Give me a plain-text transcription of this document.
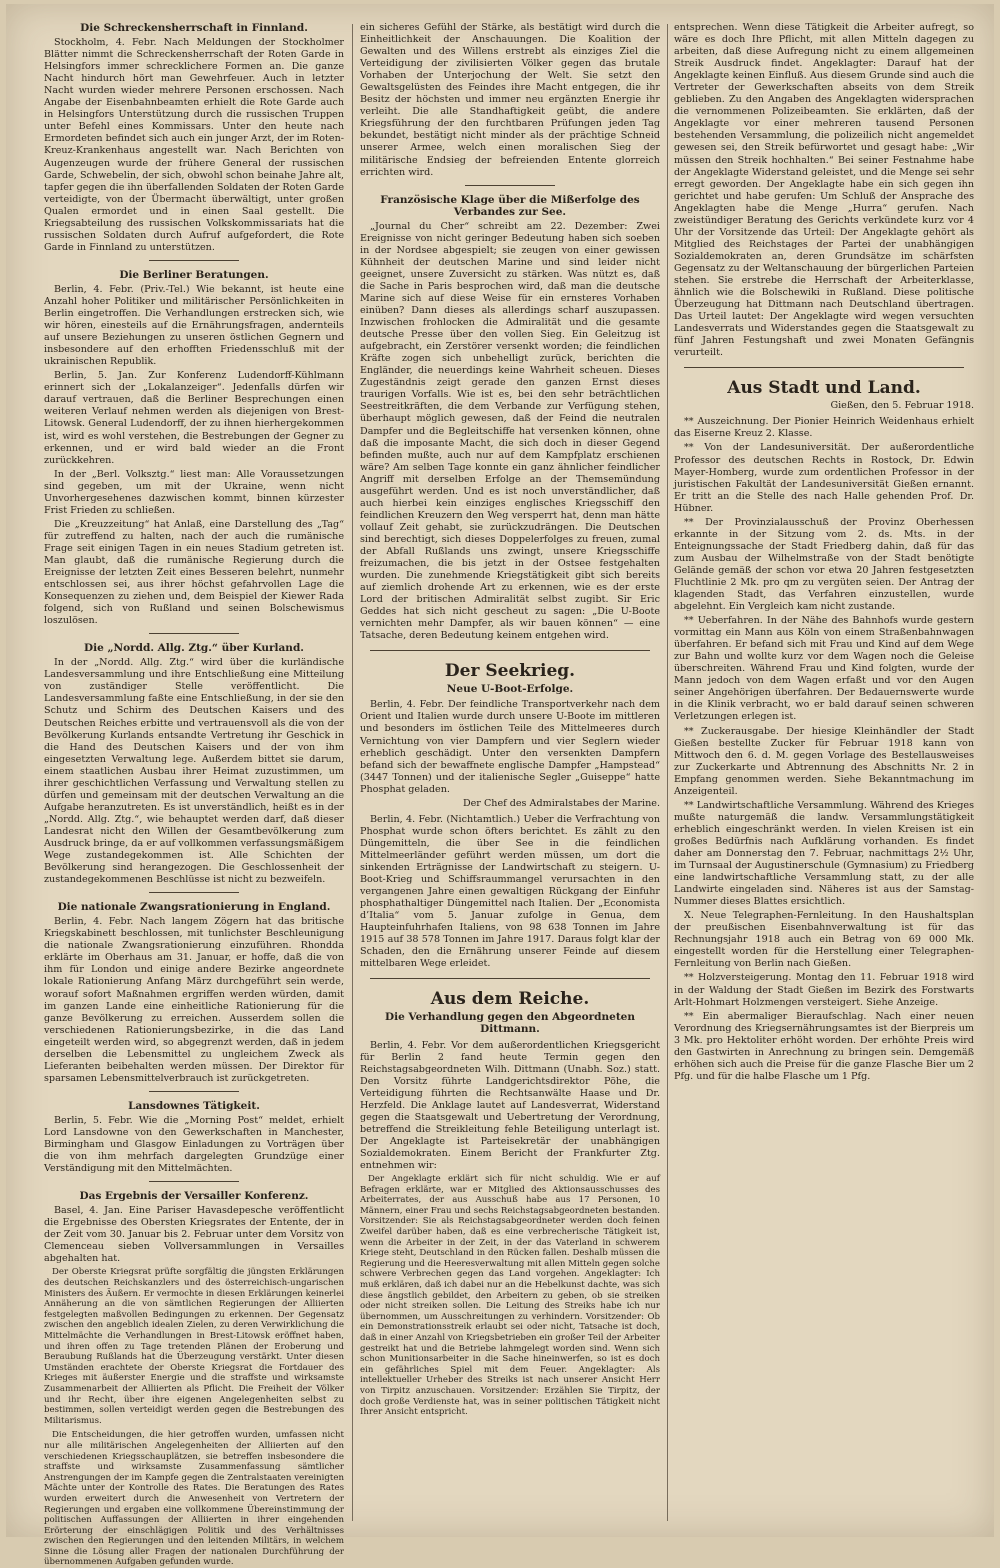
Die Schreckensherrschaft in Finnland.

Stockholm, 4. Febr. Nach Meldungen der Stockholmer Blätter nimmt die Schreckensherrschaft der Roten Garde in Helsingfors immer schrecklichere Formen an. Die ganze Nacht hindurch hört man Gewehrfeuer. Auch in letzter Nacht wurden wieder mehrere Personen erschossen. Nach Angabe der Eisenbahnbeamten erhielt die Rote Garde auch in Helsingfors Unterstützung durch die russischen Truppen unter Befehl eines Kommissars. Unter den heute nach Ermordeten befindet sich auch ein junger Arzt, der im Roten-Kreuz-Krankenhaus angestellt war. Nach Berichten von Augenzeugen wurde der frühere General der russischen Garde, Schwebelin, der sich, obwohl schon beinahe Jahre alt, tapfer gegen die ihn überfallenden Soldaten der Roten Garde verteidigte, von der Übermacht überwältigt, unter großen Qualen ermordet und in einen Saal gestellt. Die Kriegsabteilung des russischen Volkskommissariats hat die russischen Soldaten durch Aufruf aufgefordert, die Rote Garde in Finnland zu unterstützen.

Die Berliner Beratungen.

Berlin, 4. Febr. (Priv.-Tel.) Wie bekannt, ist heute eine Anzahl hoher Politiker und militärischer Persönlichkeiten in Berlin eingetroffen. Die Verhandlungen erstrecken sich, wie wir hören, einesteils auf die Ernährungsfragen, andernteils auf unsere Beziehungen zu unseren östlichen Gegnern und insbesondere auf den erhofften Friedensschluß mit der ukrainischen Republik.

Berlin, 5. Jan. Zur Konferenz Ludendorff-Kühlmann erinnert sich der „Lokalanzeiger“. Jedenfalls dürfen wir darauf vertrauen, daß die Berliner Besprechungen einen weiteren Verlauf nehmen werden als diejenigen von Brest-Litowsk. General Ludendorff, der zu ihnen hierhergekommen ist, wird es wohl verstehen, die Bestrebungen der Gegner zu erkennen, und er wird bald wieder an die Front zurückkehren.

In der „Berl. Volksztg.“ liest man: Alle Voraussetzungen sind gegeben, um mit der Ukraine, wenn nicht Unvorhergesehenes dazwischen kommt, binnen kürzester Frist Frieden zu schließen.

Die „Kreuzzeitung“ hat Anlaß, eine Darstellung des „Tag“ für zutreffend zu halten, nach der auch die rumänische Frage seit einigen Tagen in ein neues Stadium getreten ist. Man glaubt, daß die rumänische Regierung durch die Ereignisse der letzten Zeit eines Besseren belehrt, nunmehr entschlossen sei, aus ihrer höchst gefahrvollen Lage die Konsequenzen zu ziehen und, dem Beispiel der Kiewer Rada folgend, sich von Rußland und seinen Bolschewismus loszulösen.

Die „Nordd. Allg. Ztg.“ über Kurland.

In der „Nordd. Allg. Ztg.“ wird über die kurländische Landesversammlung und ihre Entschließung eine Mitteilung von zuständiger Stelle veröffentlicht. Die Landesversammlung faßte eine Entschließung, in der sie den Schutz und Schirm des Deutschen Kaisers und des Deutschen Reiches erbitte und vertrauensvoll als die von der Bevölkerung Kurlands entsandte Vertretung ihr Geschick in die Hand des Deutschen Kaisers und der von ihm eingesetzten Verwaltung lege. Außerdem bittet sie darum, einem staatlichen Ausbau ihrer Heimat zuzustimmen, um ihrer geschichtlichen Verfassung und Verwaltung stellen zu dürfen und gemeinsam mit der deutschen Verwaltung an die Aufgabe heranzutreten. Es ist unverständlich, heißt es in der „Nordd. Allg. Ztg.“, wie behauptet werden darf, daß dieser Landesrat nicht den Willen der Gesamtbevölkerung zum Ausdruck bringe, da er auf vollkommen verfassungsmäßigem Wege zustandegekommen ist. Alle Schichten der Bevölkerung sind herangezogen. Die Geschlossenheit der zustandegekommenen Beschlüsse ist nicht zu bezweifeln.

Die nationale Zwangsrationierung in England.

Berlin, 4. Febr. Nach langem Zögern hat das britische Kriegskabinett beschlossen, mit tunlichster Beschleunigung die nationale Zwangsrationierung einzuführen. Rhondda erklärte im Oberhaus am 31. Januar, er hoffe, daß die von ihm für London und einige andere Bezirke angeordnete lokale Rationierung Anfang März durchgeführt sein werde, worauf sofort Maßnahmen ergriffen werden würden, damit im ganzen Lande eine einheitliche Rationierung für die ganze Bevölkerung zu erreichen. Ausserdem sollen die verschiedenen Rationierungsbezirke, in die das Land eingeteilt werden wird, so abgegrenzt werden, daß in jedem derselben die Lebensmittel zu ungleichem Zweck als Lieferanten beibehalten werden müssen. Der Direktor für sparsamen Lebensmittelverbrauch ist zurückgetreten.

Lansdownes Tätigkeit.

Berlin, 5. Febr. Wie die „Morning Post“ meldet, erhielt Lord Lansdowne von den Gewerkschaften in Manchester, Birmingham und Glasgow Einladungen zu Vorträgen über die von ihm mehrfach dargelegten Grundzüge einer Verständigung mit den Mittelmächten.

Das Ergebnis der Versailler Konferenz.

Basel, 4. Jan. Eine Pariser Havasdepesche veröffentlicht die Ergebnisse des Obersten Kriegsrates der Entente, der in der Zeit vom 30. Januar bis 2. Februar unter dem Vorsitz von Clemenceau sieben Vollversammlungen in Versailles abgehalten hat.

Der Oberste Kriegsrat prüfte sorgfältig die jüngsten Erklärungen des deutschen Reichskanzlers und des österreichisch-ungarischen Ministers des Äußern. Er vermochte in diesen Erklärungen keinerlei Annäherung an die von sämtlichen Regierungen der Alliierten festgelegten maßvollen Bedingungen zu erkennen. Der Gegensatz zwischen den angeblich idealen Zielen, zu deren Verwirklichung die Mittelmächte die Verhandlungen in Brest-Litowsk eröffnet haben, und ihren offen zu Tage tretenden Plänen der Eroberung und Beraubung Rußlands hat die Überzeugung verstärkt. Unter diesen Umständen erachtete der Oberste Kriegsrat die Fortdauer des Krieges mit äußerster Energie und die straffste und wirksamste Zusammenarbeit der Alliierten als Pflicht. Die Freiheit der Völker und ihr Recht, über ihre eigenen Angelegenheiten selbst zu bestimmen, sollen verteidigt werden gegen die Bestrebungen des Militarismus.

Die Entscheidungen, die hier getroffen wurden, umfassen nicht nur alle militärischen Angelegenheiten der Alliierten auf den verschiedenen Kriegsschauplätzen, sie betreffen insbesondere die straffste und wirksamste Zusammenfassung sämtlicher Anstrengungen der im Kampfe gegen die Zentralstaaten vereinigten Mächte unter der Kontrolle des Rates. Die Beratungen des Rates wurden erweitert durch die Anwesenheit von Vertretern der Regierungen und ergaben eine vollkommene Übereinstimmung der politischen Auffassungen der Alliierten in ihrer eingehenden Erörterung der einschlägigen Politik und des Verhältnisses zwischen den Regierungen und den leitenden Militärs, in welchem Sinne die Lösung aller Fragen der nationalen Durchführung der übernommenen Aufgaben gefunden wurde.

ein sicheres Gefühl der Stärke, als bestätigt wird durch die Einheitlichkeit der Anschauungen. Die Koalition der Gewalten und des Willens erstrebt als einziges Ziel die Verteidigung der zivilisierten Völker gegen das brutale Vorhaben der Unterjochung der Welt. Sie setzt den Gewaltsgelüsten des Feindes ihre Macht entgegen, die ihr Besitz der höchsten und immer neu ergänzten Energie ihr verleiht. Die alle Standhaftigkeit geübt, die andere Kriegsführung der den furchtbaren Prüfungen jeden Tag bekundet, bestätigt nicht minder als der prächtige Schneid unserer Armee, welch einen moralischen Sieg der militärische Endsieg der befreienden Entente glorreich errichten wird.

Französische Klage über die Mißerfolge des Verbandes zur See.

„Journal du Cher“ schreibt am 22. Dezember: Zwei Ereignisse von nicht geringer Bedeutung haben sich soeben in der Nordsee abgespielt; sie zeugen von einer gewissen Kühnheit der deutschen Marine und sind leider nicht geeignet, unsere Zuversicht zu stärken. Was nützt es, daß die Sache in Paris besprochen wird, daß man die deutsche Marine sich auf diese Weise für ein ernsteres Vorhaben einüben? Dann dieses als allerdings scharf auszupassen. Inzwischen frohlocken die Admiralität und die gesamte deutsche Presse über den vollen Sieg. Ein Geleitzug ist aufgebracht, ein Zerstörer versenkt worden; die feindlichen Kräfte zogen sich unbehelligt zurück, berichten die Engländer, die neuerdings keine Wahrheit scheuen. Dieses Zugeständnis zeigt gerade den ganzen Ernst dieses traurigen Vorfalls. Wie ist es, bei den sehr beträchtlichen Seestreitkräften, die dem Verbande zur Verfügung stehen, überhaupt möglich gewesen, daß der Feind die neutralen Dampfer und die Begleitschiffe hat versenken können, ohne daß die imposante Macht, die sich doch in dieser Gegend befinden mußte, auch nur auf dem Kampfplatz erschienen wäre? Am selben Tage konnte ein ganz ähnlicher feindlicher Angriff mit derselben Erfolge an der Themsemündung ausgeführt werden. Und es ist noch unverständlicher, daß auch hierbei kein einziges englisches Kriegsschiff den feindlichen Kreuzern den Weg versperrt hat, denn man hätte vollauf Zeit gehabt, sie zurückzudrängen. Die Deutschen sind berechtigt, sich dieses Doppelerfolges zu freuen, zumal der Abfall Rußlands uns zwingt, unsere Kriegsschiffe freizumachen, die bis jetzt in der Ostsee festgehalten wurden. Die zunehmende Kriegstätigkeit gibt sich bereits auf ziemlich drohende Art zu erkennen, wie es der erste Lord der britischen Admiralität selbst zugibt. Sir Eric Geddes hat sich nicht gescheut zu sagen: „Die U-Boote vernichten mehr Dampfer, als wir bauen können“ — eine Tatsache, deren Bedeutung keinem entgehen wird.

Der Seekrieg.
Neue U-Boot-Erfolge.

Berlin, 4. Febr. Der feindliche Transportverkehr nach dem Orient und Italien wurde durch unsere U-Boote im mittleren und besonders im östlichen Teile des Mittelmeeres durch Vernichtung von vier Dampfern und vier Seglern wieder erheblich geschädigt. Unter den versenkten Dampfern befand sich der bewaffnete englische Dampfer „Hampstead“ (3447 Tonnen) und der italienische Segler „Guiseppe“ hatte Phosphat geladen.

Der Chef des Admiralstabes der Marine.

Berlin, 4. Febr. (Nichtamtlich.) Ueber die Verfrachtung von Phosphat wurde schon öfters berichtet. Es zählt zu den Düngemitteln, die über See in die feindlichen Mittelmeerländer geführt werden müssen, um dort die sinkenden Erträgnisse der Landwirtschaft zu steigern. U-Boot-Krieg und Schiffsraummangel verursachten in den vergangenen Jahre einen gewaltigen Rückgang der Einfuhr phosphathaltiger Düngemittel nach Italien. Der „Economista d’Italia“ vom 5. Januar zufolge in Genua, dem Haupteinfuhrhafen Italiens, von 98 638 Tonnen im Jahre 1915 auf 38 578 Tonnen im Jahre 1917. Daraus folgt klar der Schaden, den die Ernährung unserer Feinde auf diesem mittelbaren Wege erleidet.

Aus dem Reiche.
Die Verhandlung gegen den Abgeordneten Dittmann.

Berlin, 4. Febr. Vor dem außerordentlichen Kriegsgericht für Berlin 2 fand heute Termin gegen den Reichstagsabgeordneten Wilh. Dittmann (Unabh. Soz.) statt. Den Vorsitz führte Landgerichtsdirektor Pöhe, die Verteidigung führten die Rechtsanwälte Haase und Dr. Herzfeld. Die Anklage lautet auf Landesverrat, Widerstand gegen die Staatsgewalt und Uebertretung der Verordnung, betreffend die Streikleitung fehle Beteiligung unterlagt ist. Der Angeklagte ist Parteisekretär der unabhängigen Sozialdemokraten. Einem Bericht der Frankfurter Ztg. entnehmen wir:

Der Angeklagte erklärt sich für nicht schuldig. Wie er auf Befragen erklärte, war er Mitglied des Aktionsausschusses des Arbeiterrates, der aus Ausschuß habe aus 17 Personen, 10 Männern, einer Frau und sechs Reichstagsabgeordneten bestanden. Vorsitzender: Sie als Reichstagsabgeordneter werden doch feinen Zweifel darüber haben, daß es eine verbrecherische Tätigkeit ist, wenn die Arbeiter in der Zeit, in der das Vaterland in schwerem Kriege steht, Deutschland in den Rücken fallen. Deshalb müssen die Regierung und die Heeresverwaltung mit allen Mitteln gegen solche schwere Verbrechen gegen das Land vorgehen. Angeklagter: Ich muß erklären, daß ich dabei nur an die Hebelkunst dachte, was sich diese ängstlich gebildet, den Arbeitern zu geben, ob sie streiken oder nicht streiken sollen. Die Leitung des Streiks habe ich nur übernommen, um Ausschreitungen zu verhindern. Vorsitzender: Ob ein Demonstrationsstreik erlaubt sei oder nicht, Tatsache ist doch, daß in einer Anzahl von Kriegsbetrieben ein großer Teil der Arbeiter gestreikt hat und die Betriebe lahmgelegt worden sind. Wenn sich schon Munitionsarbeiter in die Sache hineinwerfen, so ist es doch ein gefährliches Spiel mit dem Feuer. Angeklagter: Als intellektueller Urheber des Streiks ist nach unserer Ansicht Herr von Tirpitz anzuschauen. Vorsitzender: Erzählen Sie Tirpitz, der doch große Verdienste hat, was in seiner politischen Tätigkeit nicht Ihrer Ansicht entspricht.

entsprechen. Wenn diese Tätigkeit die Arbeiter aufregt, so wäre es doch Ihre Pflicht, mit allen Mitteln dagegen zu arbeiten, daß diese Aufregung nicht zu einem allgemeinen Streik Ausdruck findet. Angeklagter: Darauf hat der Angeklagte keinen Einfluß. Aus diesem Grunde sind auch die Vertreter der Gewerkschaften abseits von dem Streik geblieben. Zu den Angaben des Angeklagten widersprachen die vernommenen Polizeibeamten. Sie erklärten, daß der Angeklagte vor einer mehreren tausend Personen bestehenden Versammlung, die polizeilich nicht angemeldet gewesen sei, den Streik befürwortet und gesagt habe: „Wir müssen den Streik hochhalten.“ Bei seiner Festnahme habe der Angeklagte Widerstand geleistet, und die Menge sei sehr erregt geworden. Der Angeklagte habe ein sich gegen ihn gerichtet und habe gerufen: Um Schluß der Ansprache des Angeklagten habe die Menge „Hurra“ gerufen. Nach zweistündiger Beratung des Gerichts verkündete kurz vor 4 Uhr der Vorsitzende das Urteil: Der Angeklagte gehört als Mitglied des Reichstages der Partei der unabhängigen Sozialdemokraten an, deren Grundsätze im schärfsten Gegensatz zu der Weltanschauung der bürgerlichen Parteien stehen. Sie erstrebe die Herrschaft der Arbeiterklasse, ähnlich wie die Bolschewiki in Rußland. Diese politische Überzeugung hat Dittmann nach Deutschland übertragen. Das Urteil lautet: Der Angeklagte wird wegen versuchten Landesverrats und Widerstandes gegen die Staatsgewalt zu fünf Jahren Festungshaft und zwei Monaten Gefängnis verurteilt.

Aus Stadt und Land.

Gießen, den 5. Februar 1918.

** Auszeichnung. Der Pionier Heinrich Weidenhaus erhielt das Eiserne Kreuz 2. Klasse.

** Von der Landesuniversität. Der außerordentliche Professor des deutschen Rechts in Rostock, Dr. Edwin Mayer-Homberg, wurde zum ordentlichen Professor in der juristischen Fakultät der Landesuniversität Gießen ernannt. Er tritt an die Stelle des nach Halle gehenden Prof. Dr. Hübner.

** Der Provinzialausschuß der Provinz Oberhessen erkannte in der Sitzung vom 2. ds. Mts. in der Enteignungssache der Stadt Friedberg dahin, daß für das zum Ausbau der Wilhelmstraße von der Stadt benötigte Gelände gemäß der schon vor etwa 20 Jahren festgesetzten Fluchtlinie 2 Mk. pro qm zu vergüten seien. Der Antrag der klagenden Stadt, das Verfahren einzustellen, wurde abgelehnt. Ein Vergleich kam nicht zustande.

** Ueberfahren. In der Nähe des Bahnhofs wurde gestern vormittag ein Mann aus Köln von einem Straßenbahnwagen überfahren. Er befand sich mit Frau und Kind auf dem Wege zur Bahn und wollte kurz vor dem Wagen noch die Geleise überschreiten. Während Frau und Kind folgten, wurde der Mann jedoch von dem Wagen erfaßt und vor den Augen seiner Angehörigen überfahren. Der Bedauernswerte wurde in die Klinik verbracht, wo er bald darauf seinen schweren Verletzungen erlegen ist.

** Zuckerausgabe. Der hiesige Kleinhändler der Stadt Gießen bestellte Zucker für Februar 1918 kann von Mittwoch den 6. d. M. gegen Vorlage des Bestellausweises zur Zuckerkarte und Abtrennung des Abschnitts Nr. 2 in Empfang genommen werden. Siehe Bekanntmachung im Anzeigenteil.

** Landwirtschaftliche Versammlung. Während des Krieges mußte naturgemäß die landw. Versammlungstätigkeit erheblich eingeschränkt werden. In vielen Kreisen ist ein großes Bedürfnis nach Aufklärung vorhanden. Es findet daher am Donnerstag den 7. Februar, nachmittags 2½ Uhr, im Turnsaal der Augustinerschule (Gymnasium) zu Friedberg eine landwirtschaftliche Versammlung statt, zu der alle Landwirte eingeladen sind. Näheres ist aus der Samstag-Nummer dieses Blattes ersichtlich.

X. Neue Telegraphen-Fernleitung. In den Haushaltsplan der preußischen Eisenbahnverwaltung ist für das Rechnungsjahr 1918 auch ein Betrag von 69 000 Mk. eingestellt worden für die Herstellung einer Telegraphen-Fernleitung von Berlin nach Gießen.

** Holzversteigerung. Montag den 11. Februar 1918 wird in der Waldung der Stadt Gießen im Bezirk des Forstwarts Arlt-Hohmart Holzmengen versteigert. Siehe Anzeige.

** Ein abermaliger Bieraufschlag. Nach einer neuen Verordnung des Kriegsernährungsamtes ist der Bierpreis um 3 Mk. pro Hektoliter erhöht worden. Der erhöhte Preis wird den Gastwirten in Anrechnung zu bringen sein. Demgemäß erhöhen sich auch die Preise für die ganze Flasche Bier um 2 Pfg. und für die halbe Flasche um 1 Pfg.
